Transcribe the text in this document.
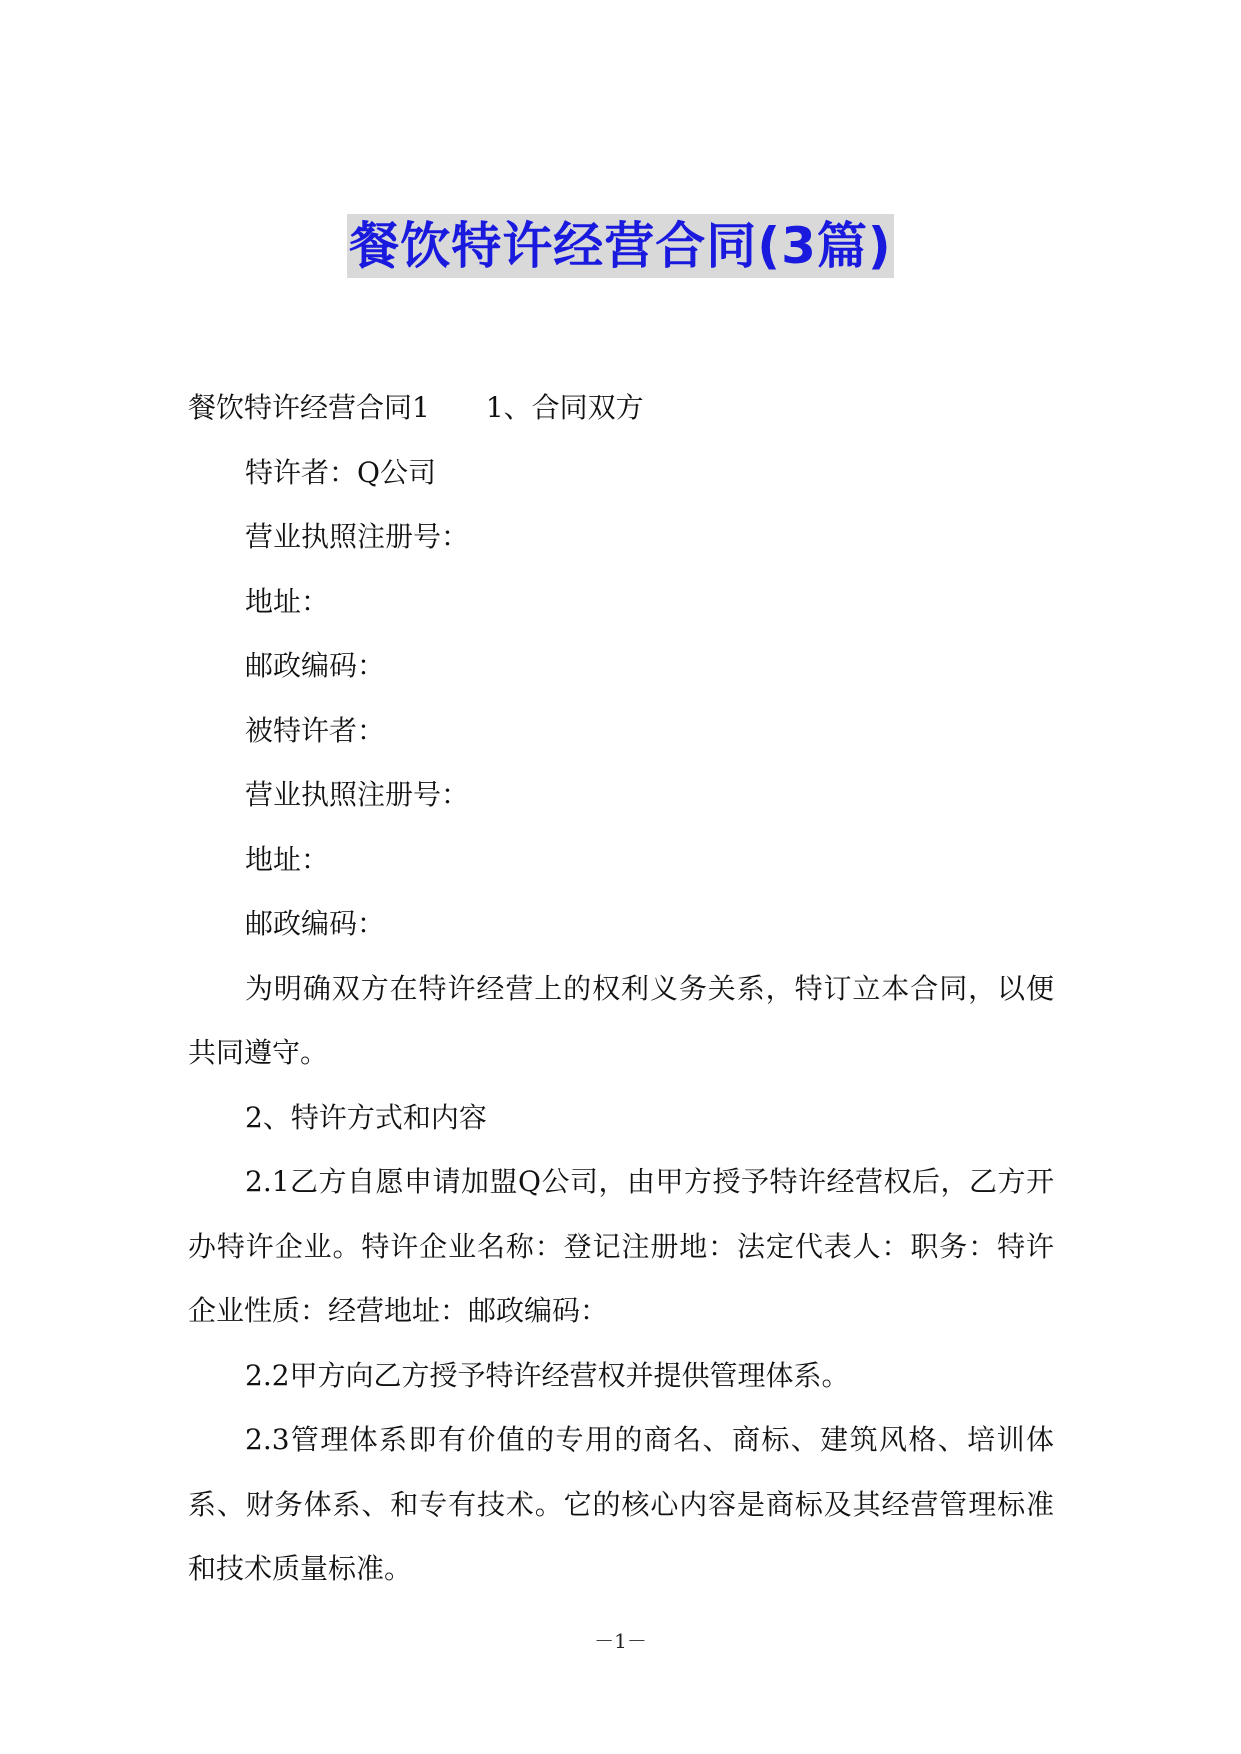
餐饮特许经营合同(3篇)

餐饮特许经营合同1 1、合同双方

特许者：Q公司

营业执照注册号：

地址：

邮政编码：

被特许者：

营业执照注册号：

地址：

邮政编码：

为明确双方在特许经营上的权利义务关系，特订立本合同，以便共同遵守。

2、特许方式和内容

2.1乙方自愿申请加盟Q公司，由甲方授予特许经营权后，乙方开办特许企业。特许企业名称：登记注册地：法定代表人：职务：特许企业性质：经营地址：邮政编码：

2.2甲方向乙方授予特许经营权并提供管理体系。

2.3管理体系即有价值的专用的商名、商标、建筑风格、培训体系、财务体系、和专有技术。它的核心内容是商标及其经营管理标准和技术质量标准。

－1－
